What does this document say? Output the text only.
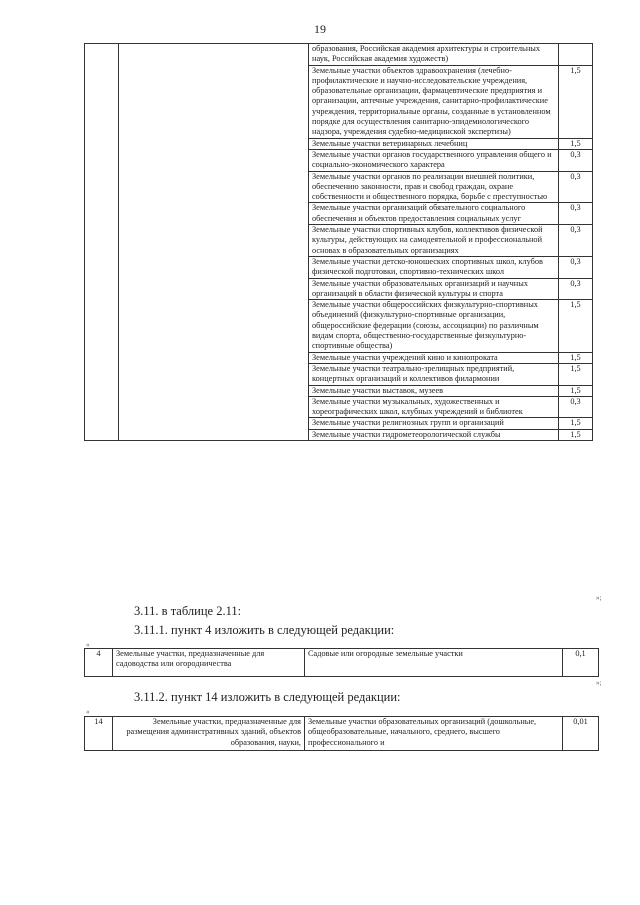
19
		образования, Российская академия архитектуры и строительных наук, Российская академия художеств)	
		Земельные участки объектов здравоохранения (лечебно-профилактические и научно-исследовательские учреждения, образовательные организации, фармацевтические предприятия и организации, аптечные учреждения, санитарно-профилактические учреждения, территориальные органы, созданные в установленном порядке для осуществления санитарно-эпидемиологического надзора, учреждения судебно-медицинской экспертизы)	1,5
		Земельные участки ветеринарных лечебниц	1,5
		Земельные участки органов государственного управления общего и социально-экономического характера	0,3
		Земельные участки органов по реализации внешней политики, обеспечению законности, прав и свобод граждан, охране собственности и общественного порядка, борьбе с преступностью	0,3
		Земельные участки организаций обязательного социального обеспечения и объектов предоставления социальных услуг	0,3
		Земельные участки спортивных клубов, коллективов физической культуры, действующих на самодеятельной и профессиональной основах в образовательных организациях	0,3
		Земельные участки детско-юношеских спортивных школ, клубов физической подготовки, спортивно-технических школ	0,3
		Земельные участки образовательных организаций и научных организаций в области физической культуры и спорта	0,3
		Земельные участки общероссийских физкультурно-спортивных объединений (физкультурно-спортивные организации, общероссийские федерации (союзы, ассоциации) по различным видам спорта, общественно-государственные физкультурно-спортивные общества)	1,5
		Земельные участки учреждений кино и кинопроката	1,5
		Земельные участки театрально-зрелищных предприятий, концертных организаций и коллективов филармонии	1,5
		Земельные участки выставок, музеев	1,5
		Земельные участки музыкальных, художественных и хореографических школ, клубных учреждений и библиотек	0,3
		Земельные участки религиозных групп и организаций	1,5
		Земельные участки гидрометеорологической службы	1,5
»;
3.11. в таблице 2.11:
3.11.1. пункт 4 изложить в следующей редакции:
«
4	Земельные участки, предназначенные для садоводства или огородничества	Садовые или огородные земельные участки	0,1
»;
3.11.2. пункт 14 изложить в следующей редакции:
«
14	Земельные участки, предназначенные для размещения административных зданий, объектов образования, науки,	Земельные участки образовательных организаций (дошкольные, общеобразовательные, начального, среднего, высшего профессионального и	0,01
